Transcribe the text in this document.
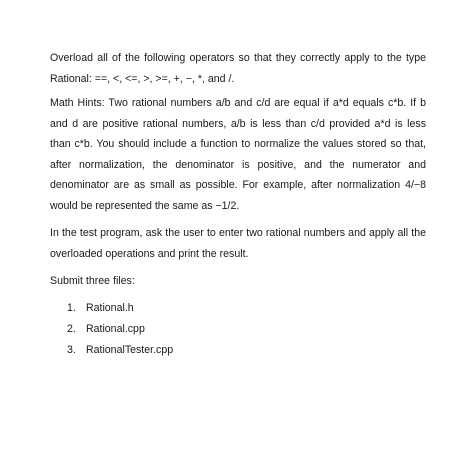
Overload all of the following operators so that they correctly apply to the type Rational: ==, <, <=, >, >=, +, −, *, and /.

Math Hints: Two rational numbers a/b and c/d are equal if a*d equals c*b. If b and d are positive rational numbers, a/b is less than c/d provided a*d is less than c*b. You should include a function to normalize the values stored so that, after normalization, the denominator is positive, and the numerator and denominator are as small as possible. For example, after normalization 4/−8 would be represented the same as −1/2.

In the test program, ask the user to enter two rational numbers and apply all the overloaded operations and print the result.

Submit three files:

1. Rational.h
2. Rational.cpp
3. RationalTester.cpp
